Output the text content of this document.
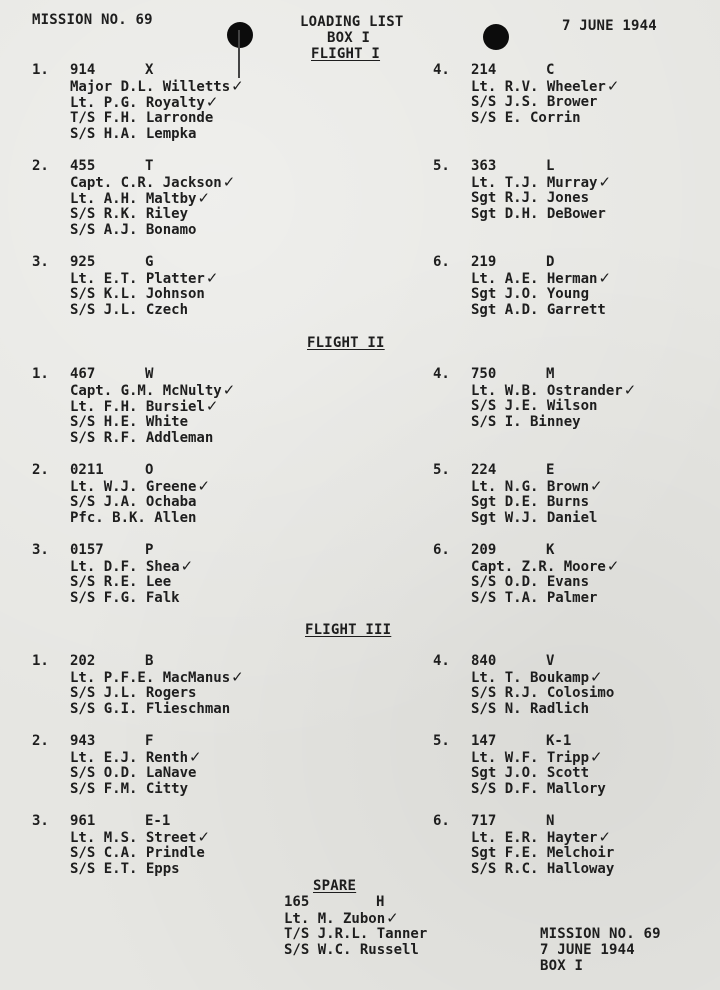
MISSION NO. 69	LOADING LIST
BOX I
7 JUNE 1944
FLIGHT I
1. 914	X
Major D.L. Willetts✓
Lt. P.G. Royalty✓
T/S F.H. Larronde
S/S H.A. Lempka
2. 455	T
Capt. C.R. Jackson✓
Lt. A.H. Maltby✓
S/S R.K. Riley
S/S A.J. Bonamo
3. 925	G
Lt. E.T. Platter✓
S/S K.L. Johnson
S/S J.L. Czech
4. 214	C
Lt. R.V. Wheeler✓
S/S J.S. Brower
S/S E. Corrin
5. 363	L
Lt. T.J. Murray✓
Sgt R.J. Jones
Sgt D.H. DeBower
6. 219	D
Lt. A.E. Herman✓
Sgt J.O. Young
Sgt A.D. Garrett
FLIGHT II
1. 467	W
Capt. G.M. McNulty✓
Lt. F.H. Bursiel✓
S/S H.E. White
S/S R.F. Addleman
2. 0211	O
Lt. W.J. Greene✓
S/S J.A. Ochaba
Pfc. B.K. Allen
3. 0157	P
Lt. D.F. Shea✓
S/S R.E. Lee
S/S F.G. Falk
4. 750	M
Lt. W.B. Ostrander✓
S/S J.E. Wilson
S/S I. Binney
5. 224	E
Lt. N.G. Brown✓
Sgt D.E. Burns
Sgt W.J. Daniel
6. 209	K
Capt. Z.R. Moore✓
S/S O.D. Evans
S/S T.A. Palmer
FLIGHT III
1. 202	B
Lt. P.F.E. MacManus✓
S/S J.L. Rogers
S/S G.I. Flieschman
2. 943	F
Lt. E.J. Renth✓
S/S O.D. LaNave
S/S F.M. Citty
3. 961	E-1
Lt. M.S. Street✓
S/S C.A. Prindle
S/S E.T. Epps
4. 840	V
Lt. T. Boukamp✓
S/S R.J. Colosimo
S/S N. Radlich
5. 147	K-1
Lt. W.F. Tripp✓
Sgt J.O. Scott
S/S D.F. Mallory
6. 717	N
Lt. E.R. Hayter✓
Sgt F.E. Melchoir
S/S R.C. Halloway
SPARE
165	H
Lt. M. Zubon✓
T/S J.R.L. Tanner
S/S W.C. Russell
MISSION NO. 69
7 JUNE 1944
BOX I
